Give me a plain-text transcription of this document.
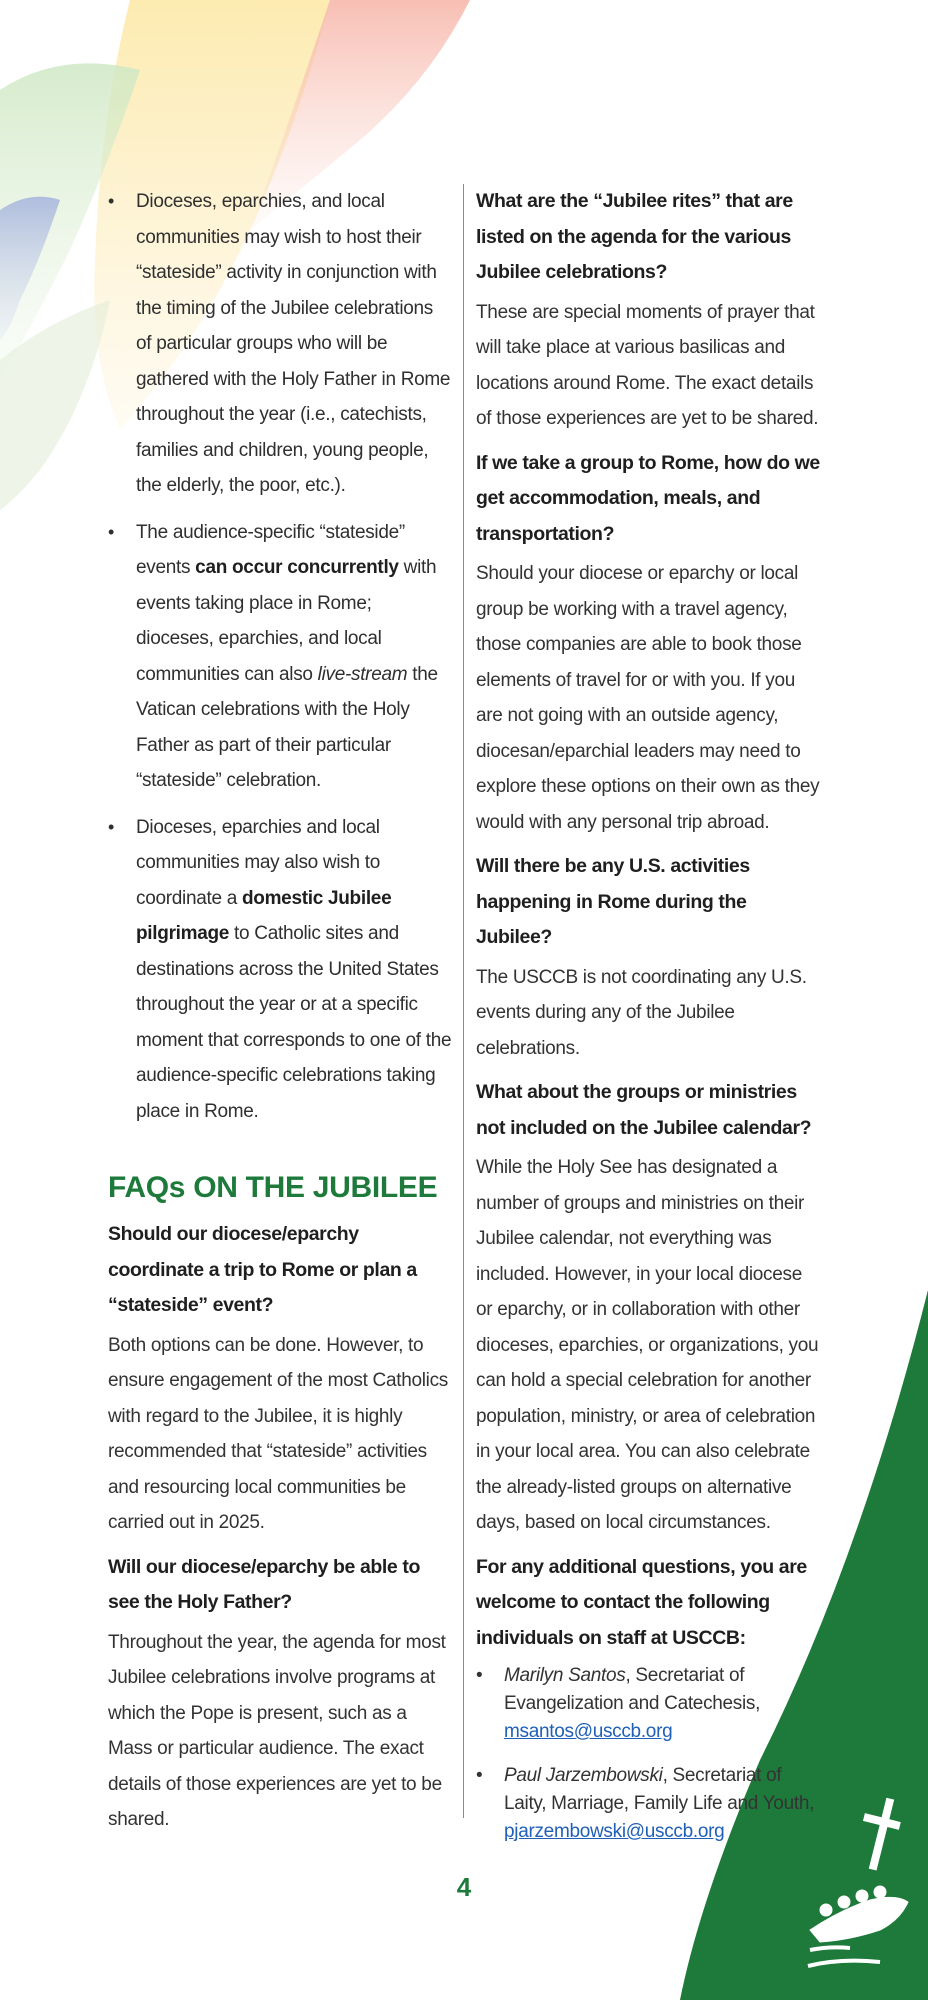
• Dioceses, eparchies, and local communities may wish to host their “stateside” activity in conjunction with the timing of the Jubilee celebrations of particular groups who will be gathered with the Holy Father in Rome throughout the year (i.e., catechists, families and children, young people, the elderly, the poor, etc.).
• The audience-specific “stateside” events can occur concurrently with events taking place in Rome; dioceses, eparchies, and local communities can also live-stream the Vatican celebrations with the Holy Father as part of their particular “stateside” celebration.
• Dioceses, eparchies and local communities may also wish to coordinate a domestic Jubilee pilgrimage to Catholic sites and destinations across the United States throughout the year or at a specific moment that corresponds to one of the audience-specific celebrations taking place in Rome.
FAQs ON THE JUBILEE
Should our diocese/eparchy coordinate a trip to Rome or plan a “stateside” event?
Both options can be done. However, to ensure engagement of the most Catholics with regard to the Jubilee, it is highly recommended that “stateside” activities and resourcing local communities be carried out in 2025.
Will our diocese/eparchy be able to see the Holy Father?
Throughout the year, the agenda for most Jubilee celebrations involve programs at which the Pope is present, such as a Mass or particular audience. The exact details of those experiences are yet to be shared.
What are the “Jubilee rites” that are listed on the agenda for the various Jubilee celebrations?
These are special moments of prayer that will take place at various basilicas and locations around Rome. The exact details of those experiences are yet to be shared.
If we take a group to Rome, how do we get accommodation, meals, and transportation?
Should your diocese or eparchy or local group be working with a travel agency, those companies are able to book those elements of travel for or with you. If you are not going with an outside agency, diocesan/eparchial leaders may need to explore these options on their own as they would with any personal trip abroad.
Will there be any U.S. activities happening in Rome during the Jubilee?
The USCCB is not coordinating any U.S. events during any of the Jubilee celebrations.
What about the groups or ministries not included on the Jubilee calendar?
While the Holy See has designated a number of groups and ministries on their Jubilee calendar, not everything was included. However, in your local diocese or eparchy, or in collaboration with other dioceses, eparchies, or organizations, you can hold a special celebration for another population, ministry, or area of celebration in your local area. You can also celebrate the already-listed groups on alternative days, based on local circumstances.
For any additional questions, you are welcome to contact the following individuals on staff at USCCB:
• Marilyn Santos, Secretariat of Evangelization and Catechesis,
msantos@usccb.org
• Paul Jarzembowski, Secretariat of Laity, Marriage, Family Life and Youth,
pjarzembowski@usccb.org
4
